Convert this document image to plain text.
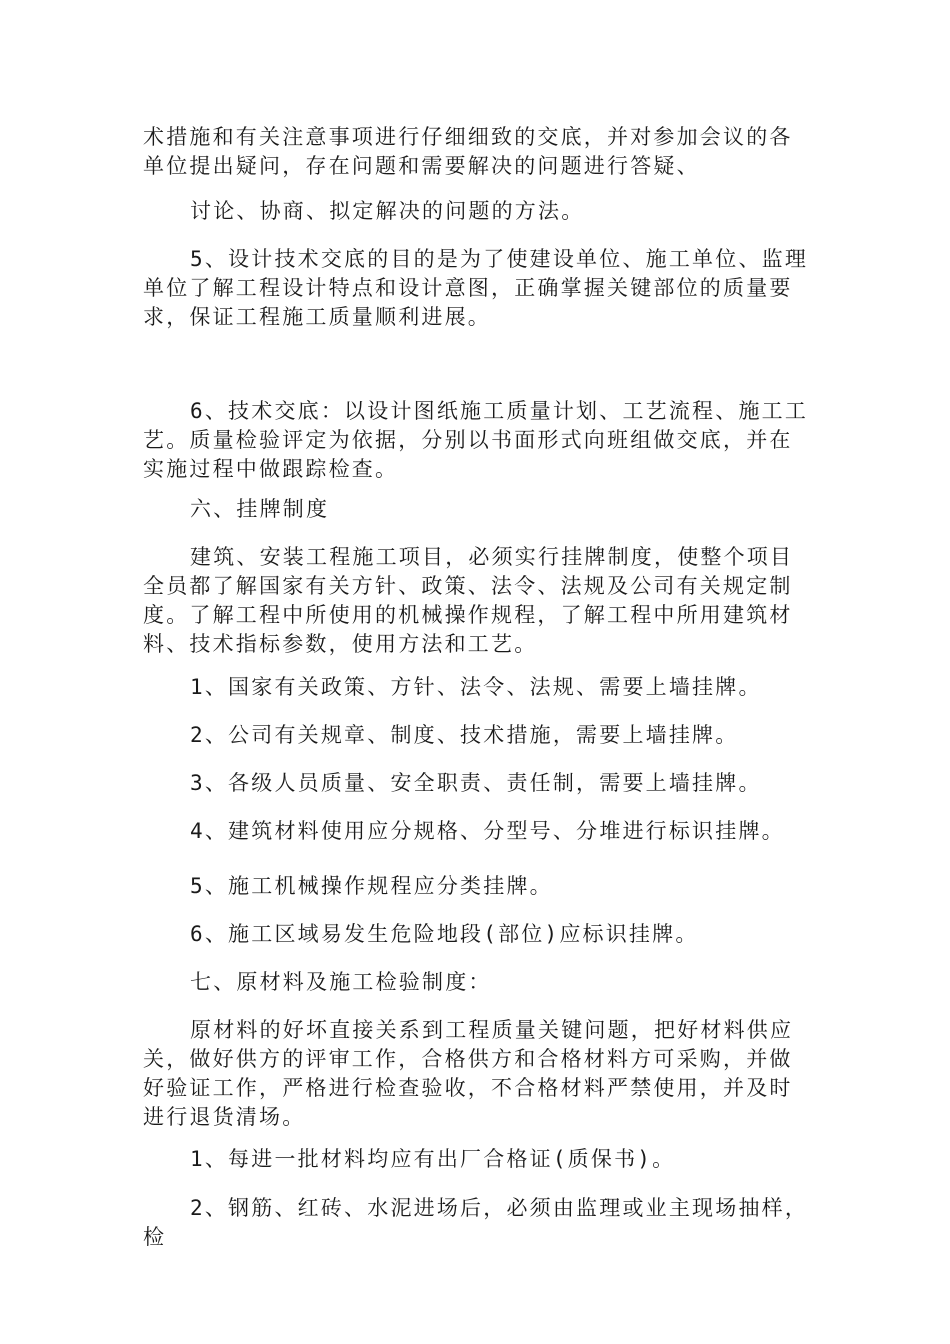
术措施和有关注意事项进行仔细细致的交底，并对参加会议的各单位提出疑问，存在问题和需要解决的问题进行答疑、

讨论、协商、拟定解决的问题的方法。

5、设计技术交底的目的是为了使建设单位、施工单位、监理单位了解工程设计特点和设计意图，正确掌握关键部位的质量要求，保证工程施工质量顺利进展。

6、技术交底：以设计图纸施工质量计划、工艺流程、施工工艺。质量检验评定为依据，分别以书面形式向班组做交底，并在实施过程中做跟踪检查。

六、挂牌制度

建筑、安装工程施工项目，必须实行挂牌制度，使整个项目全员都了解国家有关方针、政策、法令、法规及公司有关规定制度。了解工程中所使用的机械操作规程，了解工程中所用建筑材料、技术指标参数，使用方法和工艺。

1、国家有关政策、方针、法令、法规、需要上墙挂牌。

2、公司有关规章、制度、技术措施，需要上墙挂牌。

3、各级人员质量、安全职责、责任制，需要上墙挂牌。

4、建筑材料使用应分规格、分型号、分堆进行标识挂牌。

5、施工机械操作规程应分类挂牌。

6、施工区域易发生危险地段(部位)应标识挂牌。

七、原材料及施工检验制度：

原材料的好坏直接关系到工程质量关键问题，把好材料供应关，做好供方的评审工作，合格供方和合格材料方可采购，并做好验证工作，严格进行检查验收，不合格材料严禁使用，并及时进行退货清场。

1、每进一批材料均应有出厂合格证(质保书)。

2、钢筋、红砖、水泥进场后，必须由监理或业主现场抽样，检
